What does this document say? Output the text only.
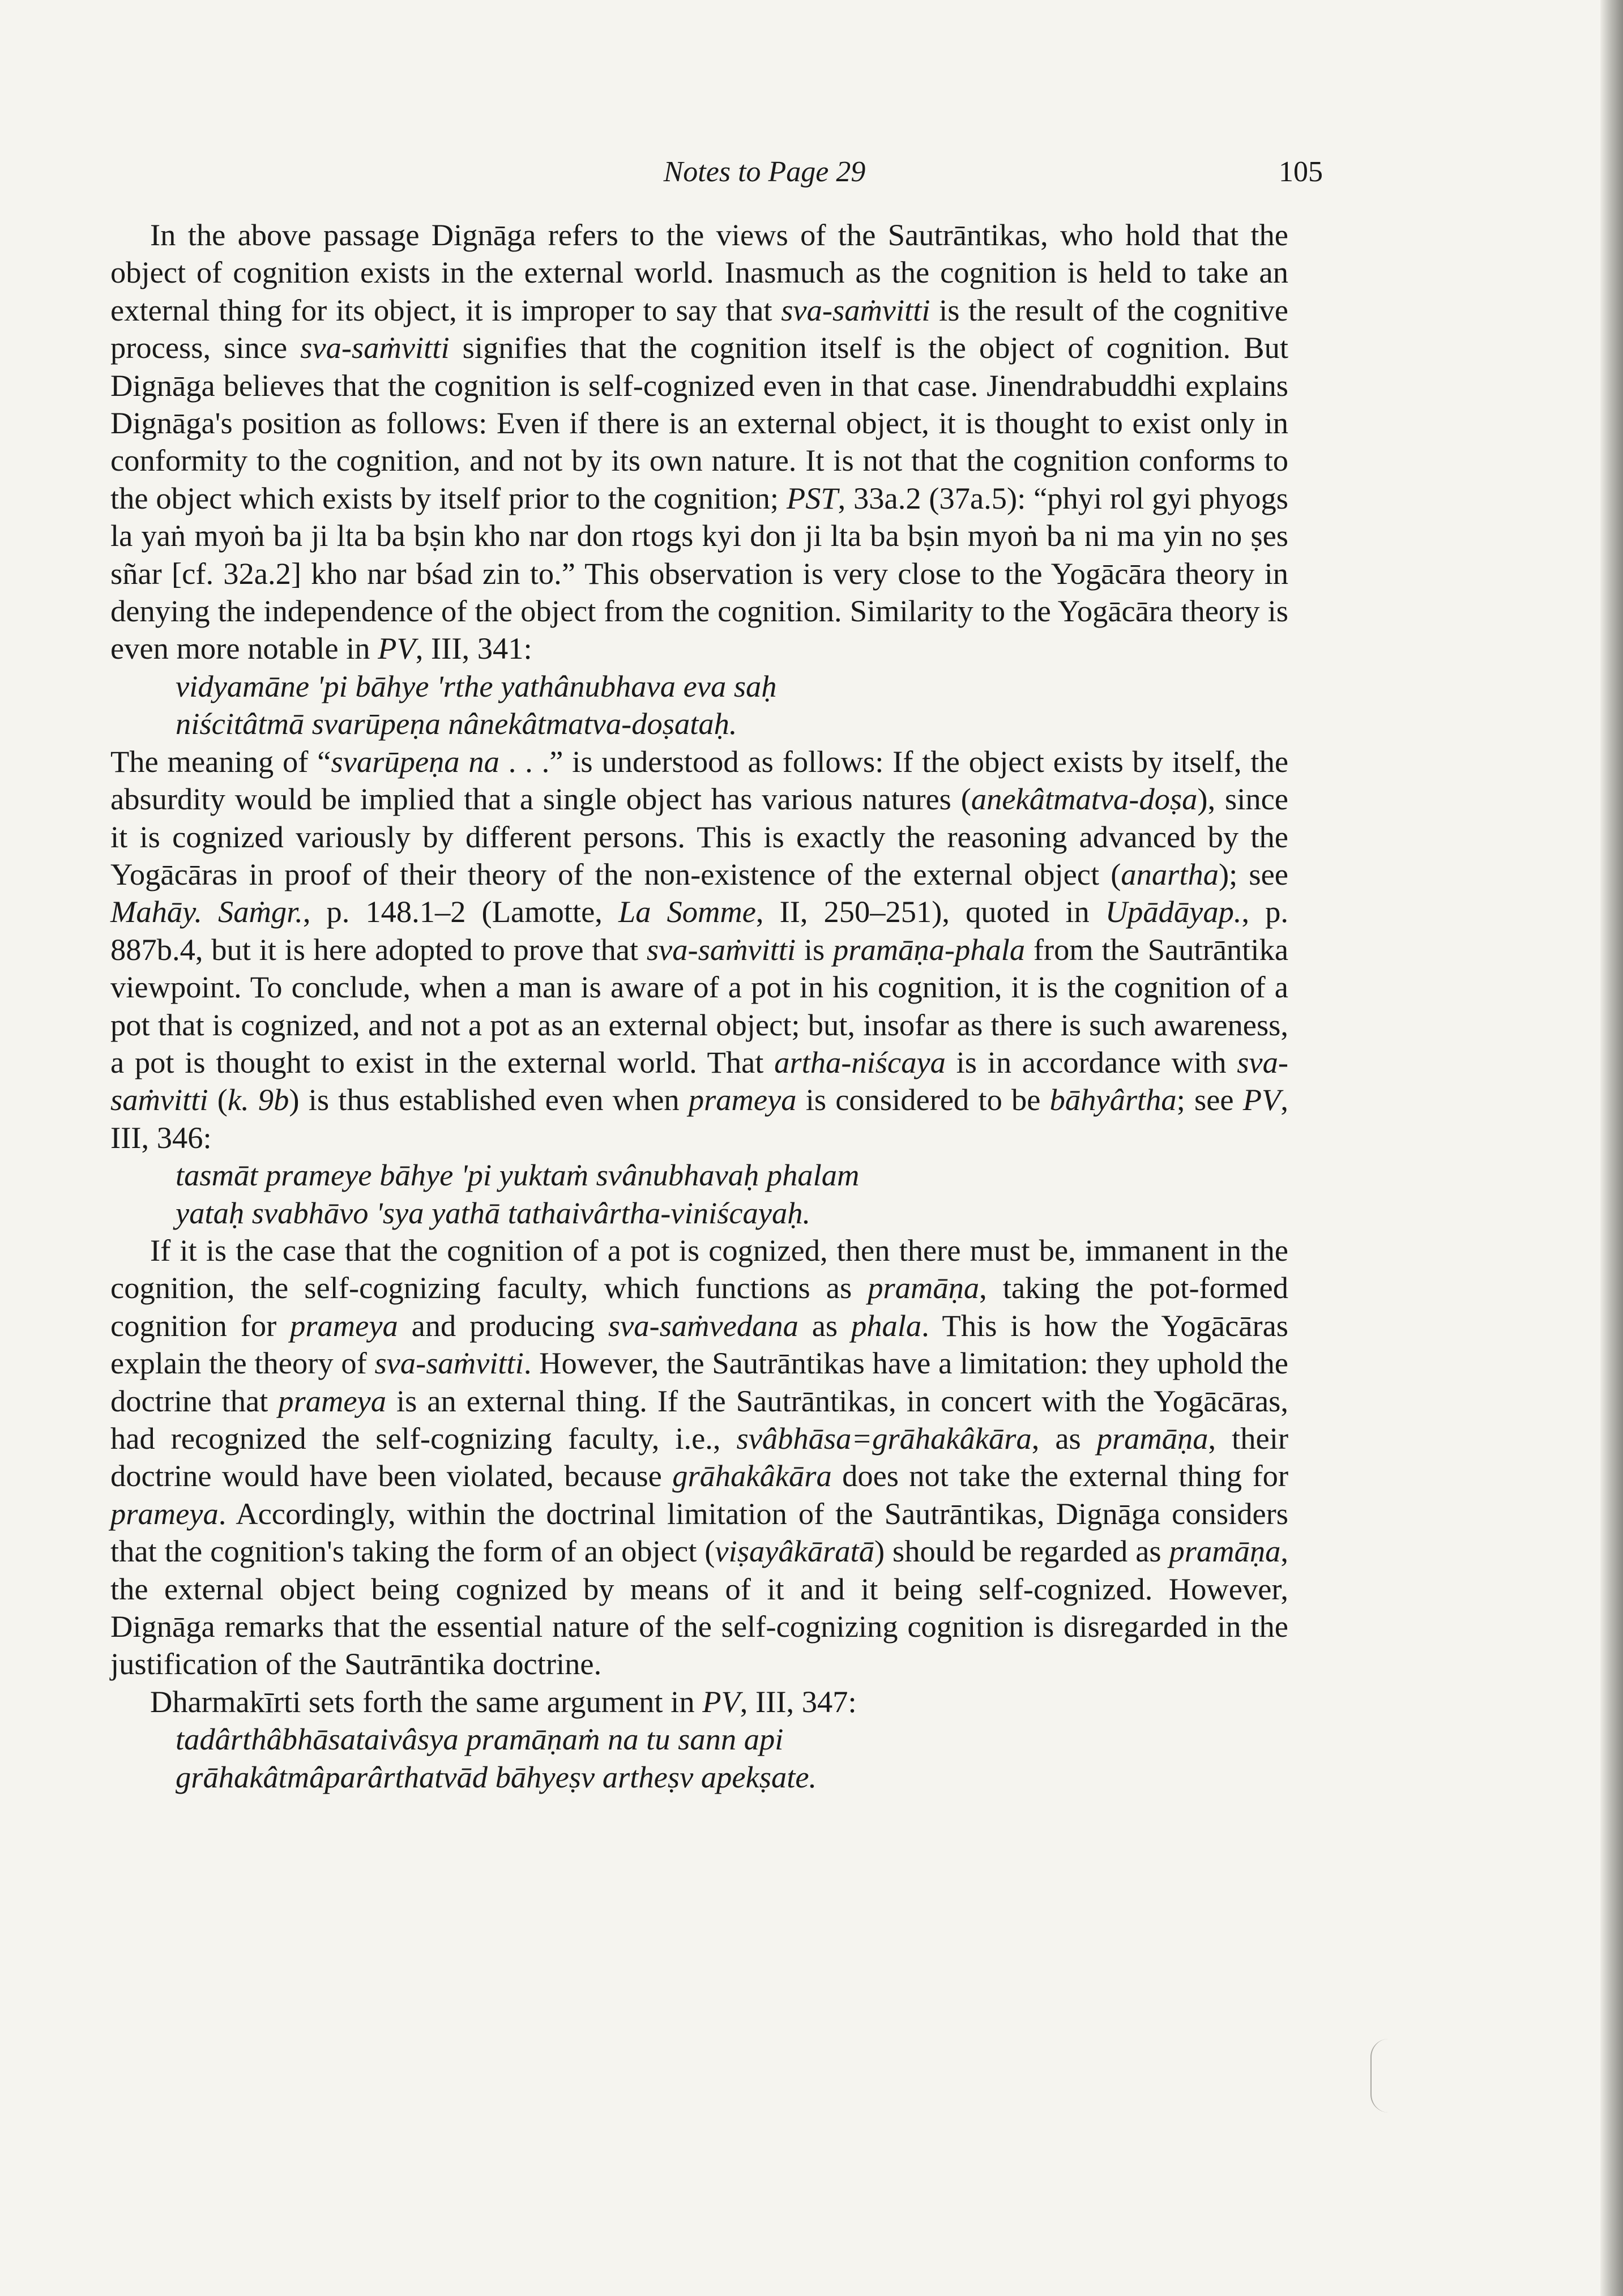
Notes to Page 29	105

In the above passage Dignāga refers to the views of the Sautrāntikas, who hold that the object of cognition exists in the external world. Inasmuch as the cognition is held to take an external thing for its object, it is improper to say that sva-saṁvitti is the result of the cognitive process, since sva-saṁvitti signifies that the cognition itself is the object of cognition. But Dignāga believes that the cognition is self-cognized even in that case. Jinendrabuddhi explains Dignāga's position as follows: Even if there is an external object, it is thought to exist only in conformity to the cognition, and not by its own nature. It is not that the cognition conforms to the object which exists by itself prior to the cognition; PST, 33a.2 (37a.5): “phyi rol gyi phyogs la yaṅ myoṅ ba ji lta ba bṣin kho nar don rtogs kyi don ji lta ba bṣin myoṅ ba ni ma yin no ṣes sñar [cf. 32a.2] kho nar bśad zin to.” This observation is very close to the Yogācāra theory in denying the independence of the object from the cognition. Similarity to the Yogācāra theory is even more notable in PV, III, 341:

vidyamāne 'pi bāhye 'rthe yathânubhava eva saḥ
niścitâtmā svarūpeṇa nânekâtmatva-doṣataḥ.

The meaning of “svarūpeṇa na . . .” is understood as follows: If the object exists by itself, the absurdity would be implied that a single object has various natures (anekâtmatva-doṣa), since it is cognized variously by different persons. This is exactly the reasoning advanced by the Yogācāras in proof of their theory of the non-existence of the external object (anartha); see Mahāy. Saṁgr., p. 148.1–2 (Lamotte, La Somme, II, 250–251), quoted in Upādāyap., p. 887b.4, but it is here adopted to prove that sva-saṁvitti is pramāṇa-phala from the Sautrāntika viewpoint. To conclude, when a man is aware of a pot in his cognition, it is the cognition of a pot that is cognized, and not a pot as an external object; but, insofar as there is such awareness, a pot is thought to exist in the external world. That artha-niścaya is in accordance with sva-saṁvitti (k. 9b) is thus established even when prameya is considered to be bāhyârtha; see PV, III, 346:

tasmāt prameye bāhye 'pi yuktaṁ svânubhavaḥ phalam
yataḥ svabhāvo 'sya yathā tathaivârtha-viniścayaḥ.

If it is the case that the cognition of a pot is cognized, then there must be, immanent in the cognition, the self-cognizing faculty, which functions as pramāṇa, taking the pot-formed cognition for prameya and producing sva-saṁvedana as phala. This is how the Yogācāras explain the theory of sva-saṁvitti. However, the Sautrāntikas have a limitation: they uphold the doctrine that prameya is an external thing. If the Sautrāntikas, in concert with the Yogācāras, had recognized the self-cognizing faculty, i.e., svâbhāsa=grāhakâkāra, as pramāṇa, their doctrine would have been violated, because grāhakâkāra does not take the external thing for prameya. Accordingly, within the doctrinal limitation of the Sautrāntikas, Dignāga considers that the cognition's taking the form of an object (viṣayâkāratā) should be regarded as pramāṇa, the external object being cognized by means of it and it being self-cognized. However, Dignāga remarks that the essential nature of the self-cognizing cognition is disregarded in the justification of the Sautrāntika doctrine.

Dharmakīrti sets forth the same argument in PV, III, 347:

tadârthâbhāsataivâsya pramāṇaṁ na tu sann api
grāhakâtmâparârthatvād bāhyeṣv artheṣv apekṣate.
